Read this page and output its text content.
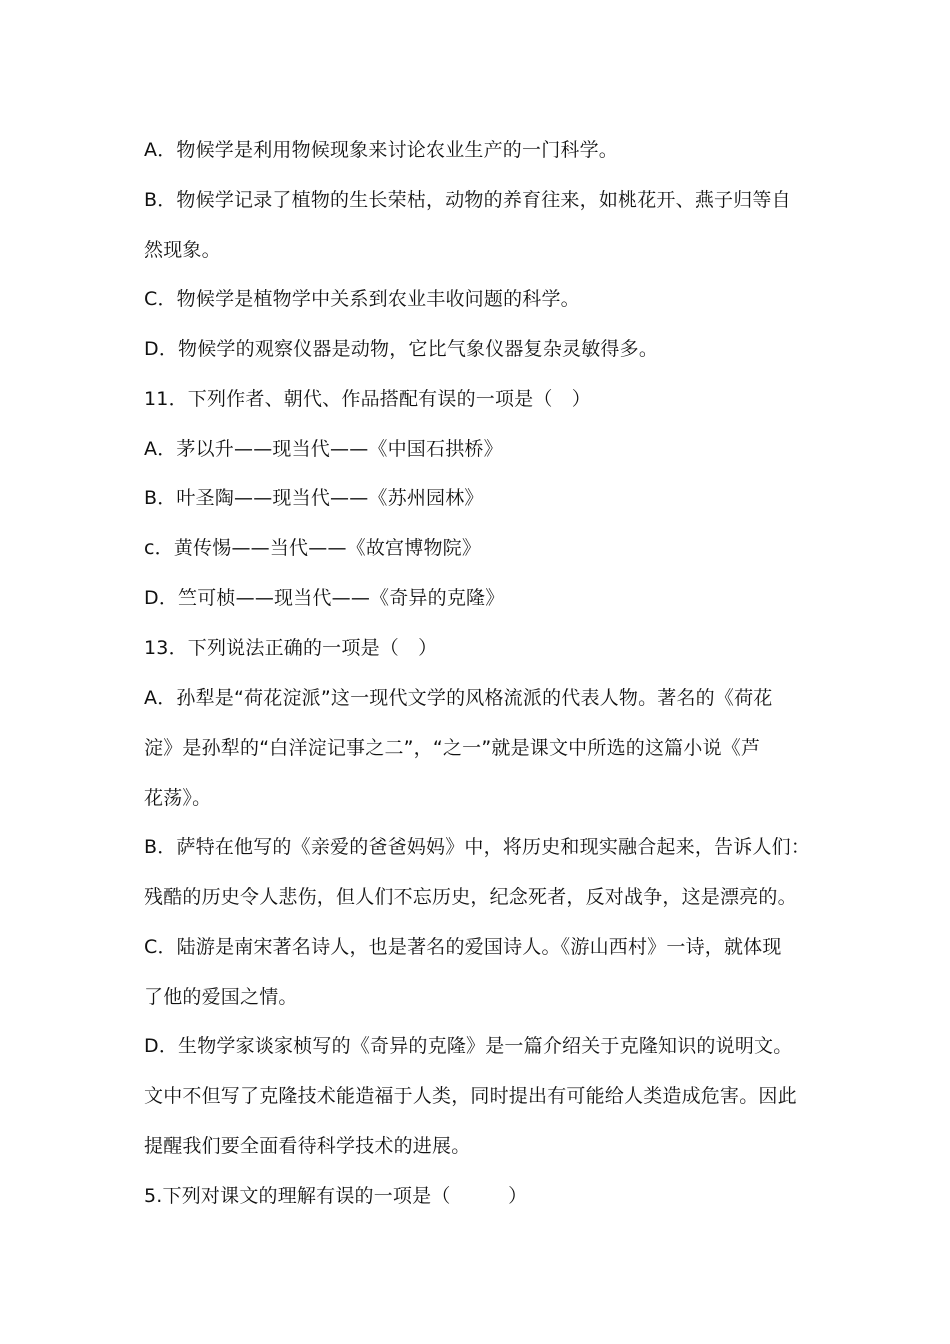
A．物候学是利用物候现象来讨论农业生产的一门科学。
B．物候学记录了植物的生长荣枯，动物的养育往来，如桃花开、燕子归等自
然现象。
C．物候学是植物学中关系到农业丰收问题的科学。
D．物候学的观察仪器是动物，它比气象仪器复杂灵敏得多。
11．下列作者、朝代、作品搭配有误的一项是（　）
A．茅以升——现当代——《中国石拱桥》
B．叶圣陶——现当代——《苏州园林》
c．黄传惕——当代——《故宫博物院》
D．竺可桢——现当代——《奇异的克隆》
13．下列说法正确的一项是（　）
A．孙犁是“荷花淀派”这一现代文学的风格流派的代表人物。著名的《荷花
淀》是孙犁的“白洋淀记事之二”，“之一”就是课文中所选的这篇小说《芦
花荡》。
B．萨特在他写的《亲爱的爸爸妈妈》中，将历史和现实融合起来，告诉人们：
残酷的历史令人悲伤，但人们不忘历史，纪念死者，反对战争，这是漂亮的。
C．陆游是南宋著名诗人，也是著名的爱国诗人。《游山西村》一诗，就体现
了他的爱国之情。
D．生物学家谈家桢写的《奇异的克隆》是一篇介绍关于克隆知识的说明文。
文中不但写了克隆技术能造福于人类，同时提出有可能给人类造成危害。因此
提醒我们要全面看待科学技术的进展。
5.下列对课文的理解有误的一项是（　　　）
